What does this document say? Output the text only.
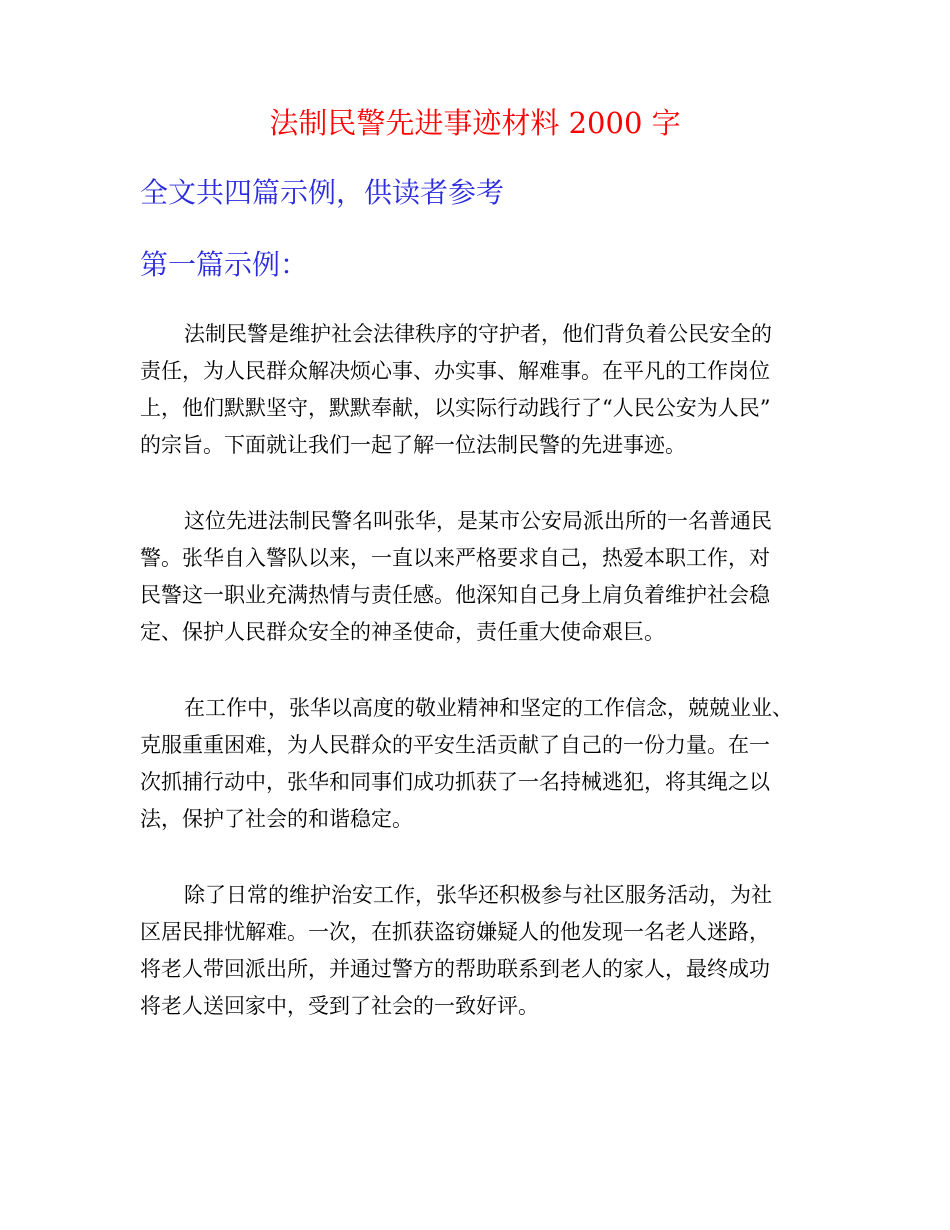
法制民警先进事迹材料 2000 字
全文共四篇示例，供读者参考
第一篇示例：
法制民警是维护社会法律秩序的守护者，他们背负着公民安全的
责任，为人民群众解决烦心事、办实事、解难事。在平凡的工作岗位
上，他们默默坚守，默默奉献，以实际行动践行了“人民公安为人民”
的宗旨。下面就让我们一起了解一位法制民警的先进事迹。
这位先进法制民警名叫张华，是某市公安局派出所的一名普通民
警。张华自入警队以来，一直以来严格要求自己，热爱本职工作，对
民警这一职业充满热情与责任感。他深知自己身上肩负着维护社会稳
定、保护人民群众安全的神圣使命，责任重大使命艰巨。
在工作中，张华以高度的敬业精神和坚定的工作信念，兢兢业业、
克服重重困难，为人民群众的平安生活贡献了自己的一份力量。在一
次抓捕行动中，张华和同事们成功抓获了一名持械逃犯，将其绳之以
法，保护了社会的和谐稳定。
除了日常的维护治安工作，张华还积极参与社区服务活动，为社
区居民排忧解难。一次，在抓获盗窃嫌疑人的他发现一名老人迷路，
将老人带回派出所，并通过警方的帮助联系到老人的家人，最终成功
将老人送回家中，受到了社会的一致好评。
